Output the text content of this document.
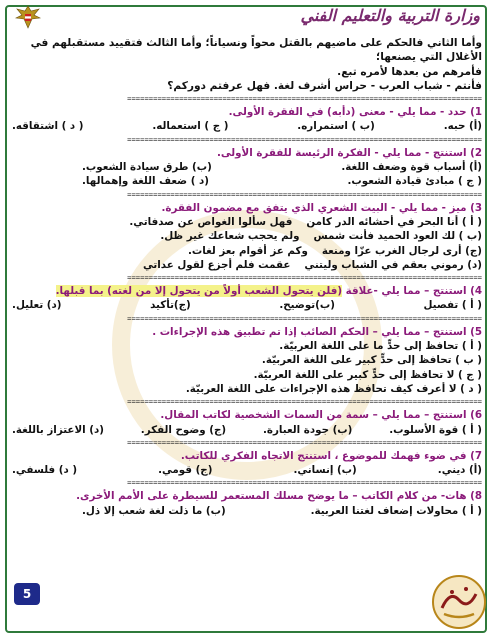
وزارة التربية والتعليم الفني
وأما الثاني فالحكم على ماضيهم بالقتل محواً ونسياناً؛ وأما الثالث فتقييد مستقبلهم في الأغلال التي يصنعها؛
فأمرهم من بعدها لأمره تبع.
فأنتم - شباب العرب - حراس أشرف لغة. فهل عرفتم دوركم؟
==================================================================================
1) حدد - مما يلي - معنى (دأبه) في الفقرة الأولى.
(أ) حبه.
(ب ) استمراره.
( ج ) استعماله.
( د ) اشتقاقه.
==================================================================================
2) استنتج - مما يلي - الفكرة الرئيسة للفقرة الأولى.
(أ) أسباب قوة وضعف اللغة.
(ب) طرق سيادة الشعوب.
( ج ) مبادئ قيادة الشعوب.
(د ) ضعف اللغة وإهمالها.
==================================================================================
3) ميز - مما يلي - البيت الشعري الذي يتفق مع مضمون الفقرة.
( أ ) أنا البحر في أحشائه الدر كامن
فهل سألوا الغواص عن صدفاتي.
(ب ) لك العود الحميد فأنت شمس
ولم يحجب شعاعك غير ظل.
(ج) أرى لرجال الغرب عزّا ومنعة
وكم عز أقوام بعز لغات.
(د) رموني بعقم في الشباب وليتني
عقمت فلم أجزع لقول عداتي
==================================================================================
4) استنتج – مما يلي -علاقة (فلن يتحول الشعب أولاً من يتحول إلا من لغته) بما قبلها.
( أ ) تفصيل
(ب)توضيح.
(ج)تأكيد
(د) تعليل.
==================================================================================
5) استنتج – مما يلي – الحكم الصائب إذا تم تطبيق هذه الإجراءات .
( أ ) تحافظ إلى حدٍّ ما على اللغة العربيّة.
( ب ) تحافظ إلى حدٍّ كبير على اللغة العربيّة.
( ج ) لا تحافظ إلى حدٍّ كبير على اللغة العربيّة.
( د ) لا أعرف كيف تحافظ هذه الإجراءات على اللغة العربيّة.
==================================================================================
6) استنتج – مما يلي – سمة من السمات الشخصية لكاتب المقال.
( أ ) قوة الأسلوب.
(ب) جودة العبارة.
(ج) وضوح الفكر.
(د) الاعتزاز باللغة.
==================================================================================
7) في ضوء فهمك للموضوع ، استنتج الاتجاه الفكري للكاتب.
(أ) ديني.
(ب) إنساني.
(ج) قومي.
( د) فلسفي.
==================================================================================
8) هات- من كلام الكاتب – ما يوضح مسلك المستعمر للسيطرة على الأمم الأخرى.
( أ ) محاولات إضعاف لغتنا العربية.
(ب) ما ذلت لغة شعب إلا ذل.
5
